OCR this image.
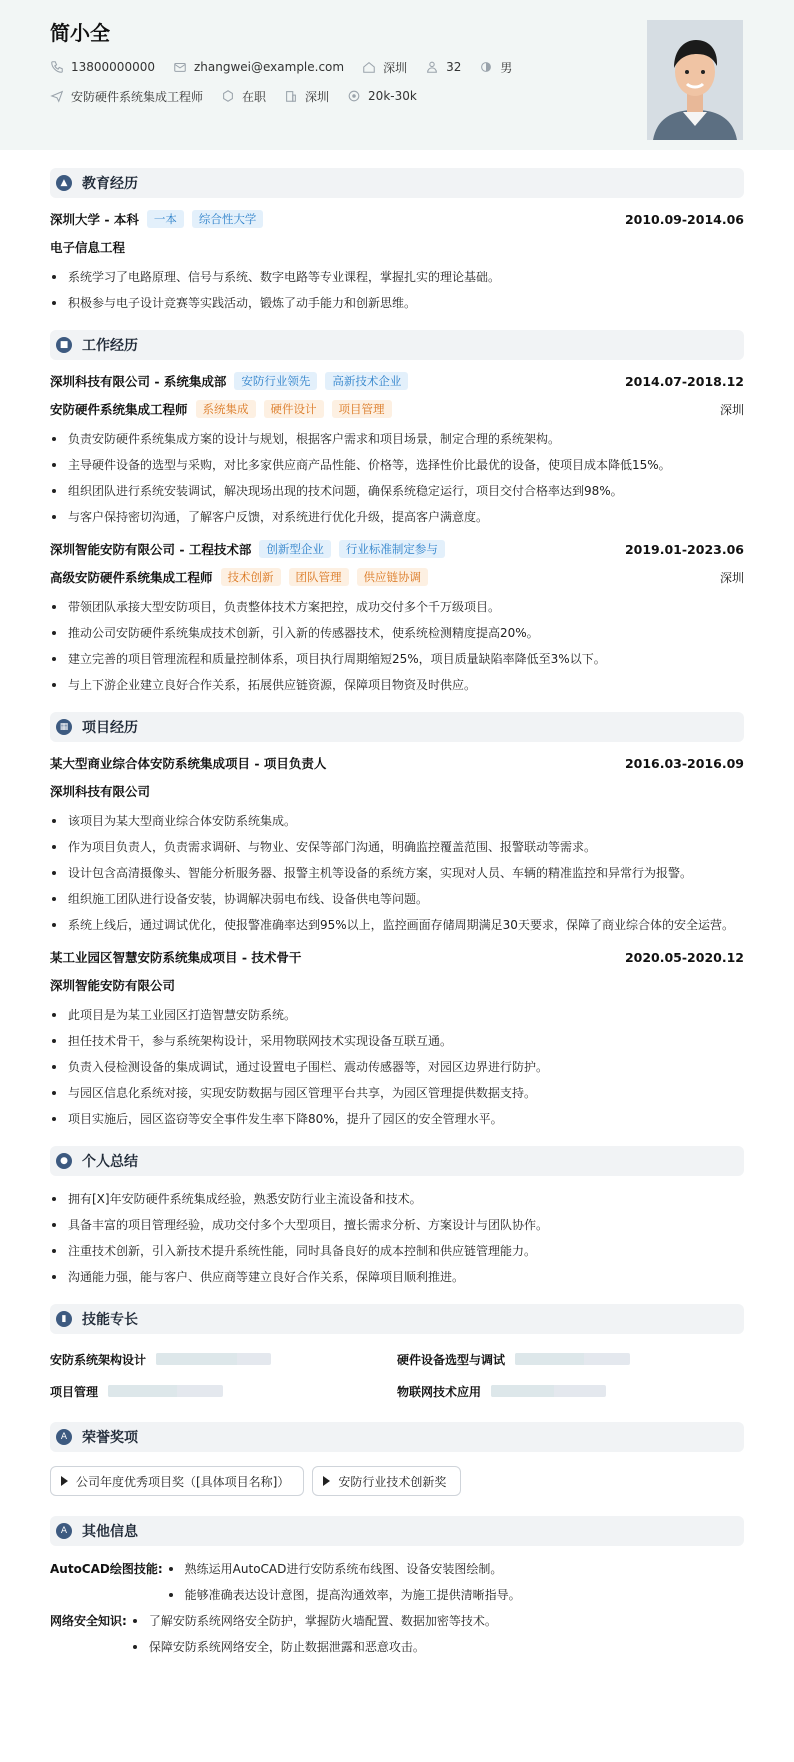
简小全
13800000000	zhangwei@example.com	深圳	32	男
安防硬件系统集成工程师	在职	深圳	20k-30k
▲	教育经历
深圳大学 - 本科	一本	综合性大学	2010.09-2014.06
电子信息工程
系统学习了电路原理、信号与系统、数字电路等专业课程，掌握扎实的理论基础。
积极参与电子设计竞赛等实践活动，锻炼了动手能力和创新思维。
■ 工作经历
深圳科技有限公司 - 系统集成部	安防行业领先	高新技术企业	2014.07-2018.12
安防硬件系统集成工程师	系统集成	硬件设计	项目管理	深圳
负责安防硬件系统集成方案的设计与规划，根据客户需求和项目场景，制定合理的系统架构。
主导硬件设备的选型与采购，对比多家供应商产品性能、价格等，选择性价比最优的设备，使项目成本降低15%。
组织团队进行系统安装调试，解决现场出现的技术问题，确保系统稳定运行，项目交付合格率达到98%。
与客户保持密切沟通，了解客户反馈，对系统进行优化升级，提高客户满意度。
深圳智能安防有限公司 - 工程技术部	创新型企业	行业标准制定参与	2019.01-2023.06
高级安防硬件系统集成工程师	技术创新	团队管理	供应链协调	深圳
带领团队承接大型安防项目，负责整体技术方案把控，成功交付多个千万级项目。
推动公司安防硬件系统集成技术创新，引入新的传感器技术，使系统检测精度提高20%。
建立完善的项目管理流程和质量控制体系，项目执行周期缩短25%，项目质量缺陷率降低至3%以下。
与上下游企业建立良好合作关系，拓展供应链资源，保障项目物资及时供应。
▦ 项目经历
某大型商业综合体安防系统集成项目 - 项目负责人	2016.03-2016.09
深圳科技有限公司
该项目为某大型商业综合体安防系统集成。
作为项目负责人，负责需求调研、与物业、安保等部门沟通，明确监控覆盖范围、报警联动等需求。
设计包含高清摄像头、智能分析服务器、报警主机等设备的系统方案，实现对人员、车辆的精准监控和异常行为报警。
组织施工团队进行设备安装，协调解决弱电布线、设备供电等问题。
系统上线后，通过调试优化，使报警准确率达到95%以上，监控画面存储周期满足30天要求，保障了商业综合体的安全运营。
某工业园区智慧安防系统集成项目 - 技术骨干	2020.05-2020.12
深圳智能安防有限公司
此项目是为某工业园区打造智慧安防系统。
担任技术骨干，参与系统架构设计，采用物联网技术实现设备互联互通。
负责入侵检测设备的集成调试，通过设置电子围栏、震动传感器等，对园区边界进行防护。
与园区信息化系统对接，实现安防数据与园区管理平台共享，为园区管理提供数据支持。
项目实施后，园区盗窃等安全事件发生率下降80%，提升了园区的安全管理水平。
● 个人总结
拥有[X]年安防硬件系统集成经验，熟悉安防行业主流设备和技术。
具备丰富的项目管理经验，成功交付多个大型项目，擅长需求分析、方案设计与团队协作。
注重技术创新，引入新技术提升系统性能，同时具备良好的成本控制和供应链管理能力。
沟通能力强，能与客户、供应商等建立良好合作关系，保障项目顺利推进。
▮	技能专长
安防系统架构设计	硬件设备选型与调试
项目管理	物联网技术应用
A	荣誉奖项
公司年度优秀项目奖（[具体项目名称]）	安防行业技术创新奖
A	其他信息
AutoCAD绘图技能:	熟练运用AutoCAD进行安防系统布线图、设备安装图绘制。
能够准确表达设计意图，提高沟通效率，为施工提供清晰指导。
网络安全知识:	了解安防系统网络安全防护，掌握防火墙配置、数据加密等技术。
保障安防系统网络安全，防止数据泄露和恶意攻击。
